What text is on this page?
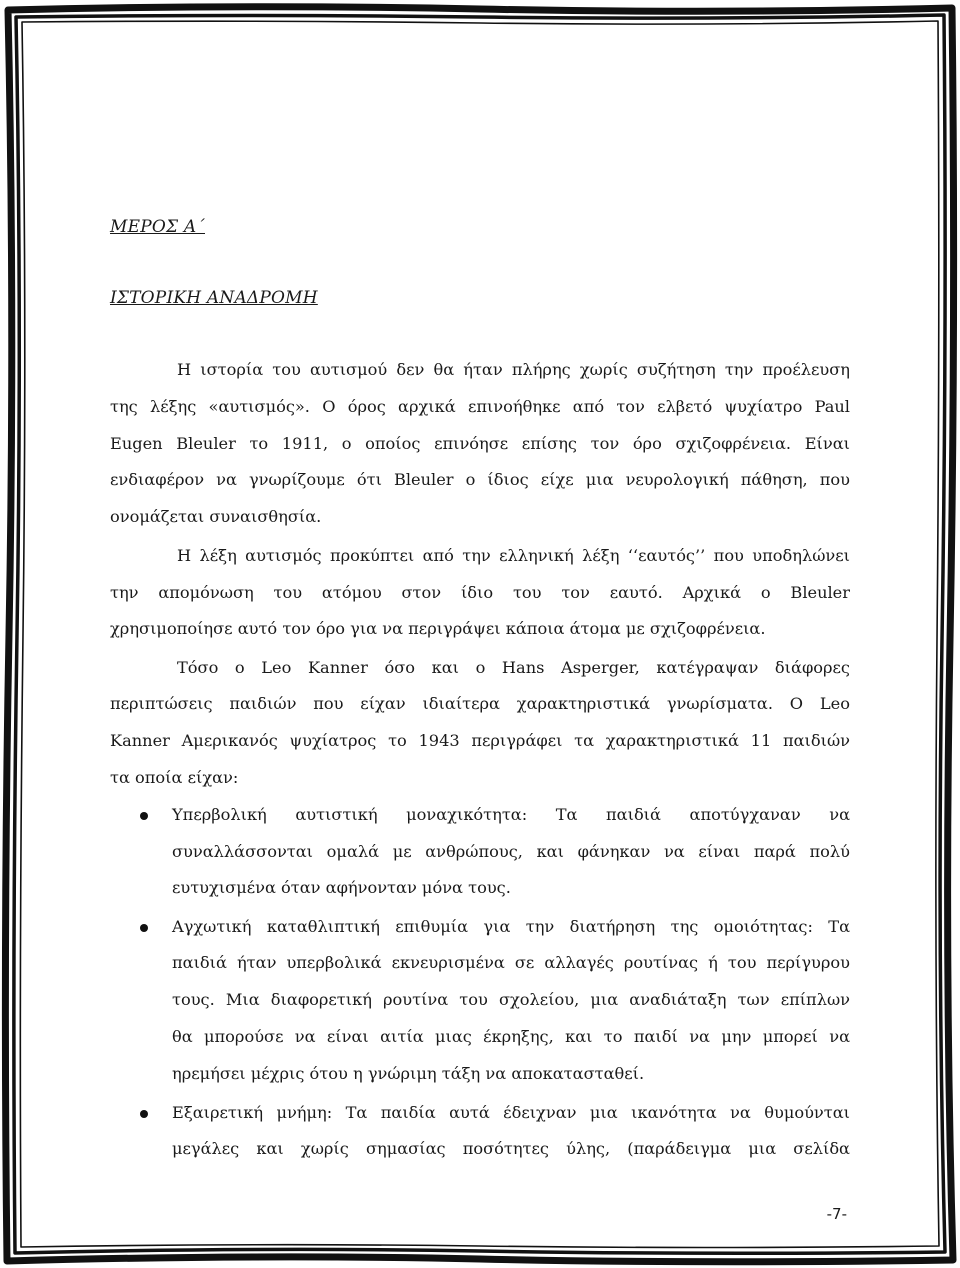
ΜΕΡΟΣ Α΄
ΙΣΤΟΡΙΚΗ ΑΝΑΔΡΟΜΗ
Η ιστορία του αυτισμού δεν θα ήταν πλήρης χωρίς συζήτηση την προέλευση
της λέξης «αυτισμός». Ο όρος αρχικά επινοήθηκε από τον ελβετό ψυχίατρο Paul
Eugen Bleuler το 1911, ο οποίος επινόησε επίσης τον όρο σχιζοφρένεια. Είναι
ενδιαφέρον να γνωρίζουμε ότι Bleuler ο ίδιος είχε μια νευρολογική πάθηση, που
ονομάζεται συναισθησία.
Η λέξη αυτισμός προκύπτει από την ελληνική λέξη ‘‘εαυτός’’ που υποδηλώνει
την απομόνωση του ατόμου στον ίδιο του τον εαυτό. Αρχικά ο Bleuler
χρησιμοποίησε αυτό τον όρο για να περιγράψει κάποια άτομα με σχιζοφρένεια.
Τόσο ο Leo Kanner όσο και ο Hans Asperger, κατέγραψαν διάφορες
περιπτώσεις παιδιών που είχαν ιδιαίτερα χαρακτηριστικά γνωρίσματα. Ο Leo
Kanner Αμερικανός ψυχίατρος το 1943 περιγράφει τα χαρακτηριστικά 11 παιδιών
τα οποία είχαν:
Υπερβολική αυτιστική μοναχικότητα: Τα παιδιά αποτύγχαναν να
συναλλάσσονται ομαλά με ανθρώπους, και φάνηκαν να είναι παρά πολύ
ευτυχισμένα όταν αφήνονταν μόνα τους.
Αγχωτική καταθλιπτική επιθυμία για την διατήρηση της ομοιότητας: Τα
παιδιά ήταν υπερβολικά εκνευρισμένα σε αλλαγές ρουτίνας ή του περίγυρου
τους. Μια διαφορετική ρουτίνα του σχολείου, μια αναδιάταξη των επίπλων
θα μπορούσε να είναι αιτία μιας έκρηξης, και το παιδί να μην μπορεί να
ηρεμήσει μέχρις ότου η γνώριμη τάξη να αποκατασταθεί.
Εξαιρετική μνήμη: Τα παιδία αυτά έδειχναν μια ικανότητα να θυμούνται
μεγάλες και χωρίς σημασίας ποσότητες ύλης, (παράδειγμα μια σελίδα
-7-
